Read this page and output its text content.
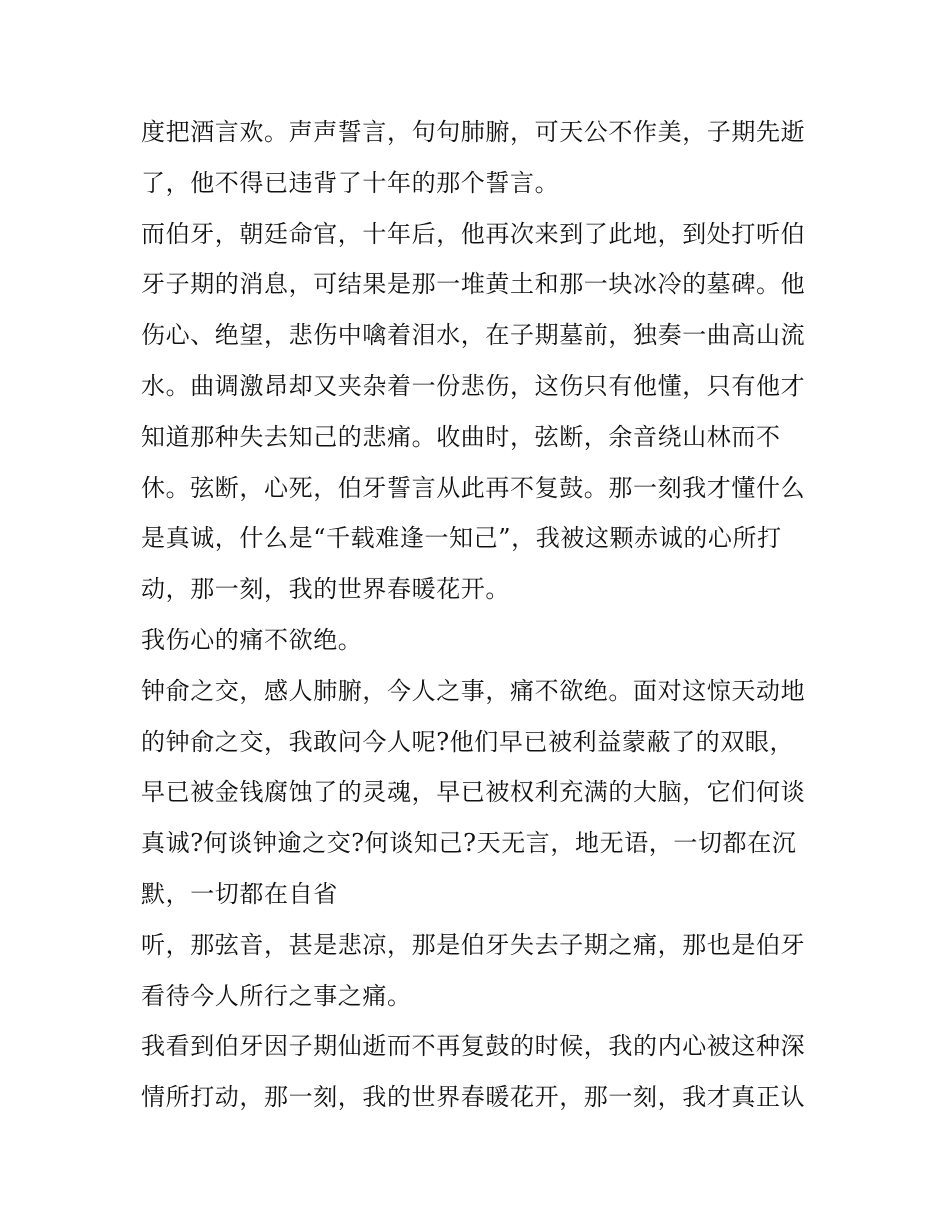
度把酒言欢。声声誓言，句句肺腑，可天公不作美，子期先逝
了，他不得已违背了十年的那个誓言。
而伯牙，朝廷命官，十年后，他再次来到了此地，到处打听伯
牙子期的消息，可结果是那一堆黄土和那一块冰冷的墓碑。他
伤心、绝望，悲伤中噙着泪水，在子期墓前，独奏一曲高山流
水。曲调激昂却又夹杂着一份悲伤，这伤只有他懂，只有他才
知道那种失去知己的悲痛。收曲时，弦断，余音绕山林而不
休。弦断，心死，伯牙誓言从此再不复鼓。那一刻我才懂什么
是真诚，什么是“千载难逢一知己”，我被这颗赤诚的心所打
动，那一刻，我的世界春暖花开。
我伤心的痛不欲绝。
钟俞之交，感人肺腑，今人之事，痛不欲绝。面对这惊天动地
的钟俞之交，我敢问今人呢?他们早已被利益蒙蔽了的双眼，
早已被金钱腐蚀了的灵魂，早已被权利充满的大脑，它们何谈
真诚?何谈钟逾之交?何谈知己?天无言，地无语，一切都在沉
默，一切都在自省
听，那弦音，甚是悲凉，那是伯牙失去子期之痛，那也是伯牙
看待今人所行之事之痛。
我看到伯牙因子期仙逝而不再复鼓的时候，我的内心被这种深
情所打动，那一刻，我的世界春暖花开，那一刻，我才真正认
